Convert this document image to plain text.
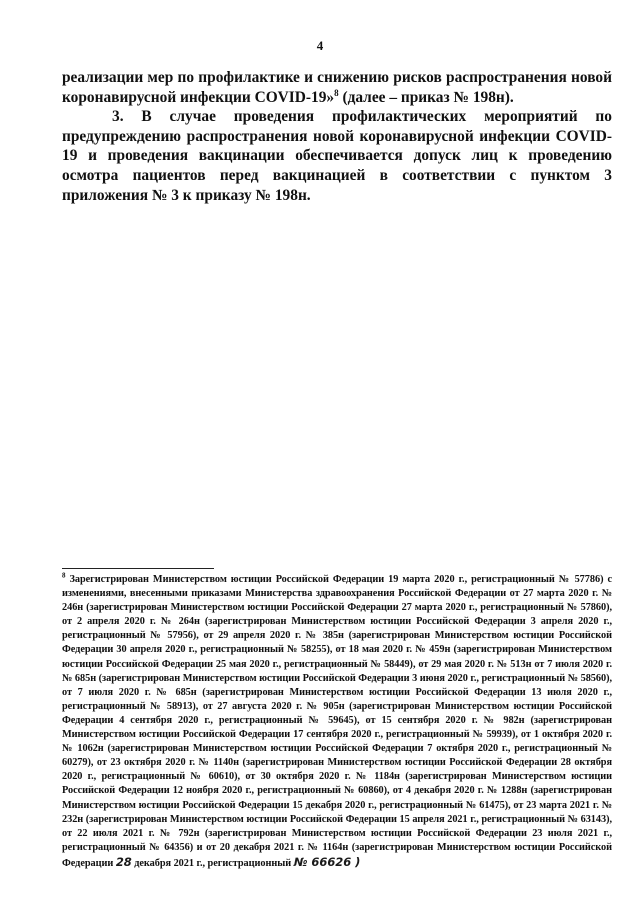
4

реализации мер по профилактике и снижению рисков распространения новой коронавирусной инфекции COVID-19»$^8$ (далее – приказ № 198н).

3. В случае проведения профилактических мероприятий по предупреждению распространения новой коронавирусной инфекции COVID-19 и проведения вакцинации обеспечивается допуск лиц к проведению осмотра пациентов перед вакцинацией в соответствии с пунктом 3 приложения № 3 к приказу № 198н.

$^8$ Зарегистрирован Министерством юстиции Российской Федерации 19 марта 2020 г., регистрационный № 57786) с изменениями, внесенными приказами Министерства здравоохранения Российской Федерации от 27 марта 2020 г. № 246н (зарегистрирован Министерством юстиции Российской Федерации 27 марта 2020 г., регистрационный № 57860), от 2 апреля 2020 г. № 264н (зарегистрирован Министерством юстиции Российской Федерации 3 апреля 2020 г., регистрационный № 57956), от 29 апреля 2020 г. № 385н (зарегистрирован Министерством юстиции Российской Федерации 30 апреля 2020 г., регистрационный № 58255), от 18 мая 2020 г. № 459н (зарегистрирован Министерством юстиции Российской Федерации 25 мая 2020 г., регистрационный № 58449), от 29 мая 2020 г. № 513н от 7 июля 2020 г. № 685н (зарегистрирован Министерством юстиции Российской Федерации 3 июня 2020 г., регистрационный № 58560), от 7 июля 2020 г. № 685н (зарегистрирован Министерством юстиции Российской Федерации 13 июля 2020 г., регистрационный № 58913), от 27 августа 2020 г. № 905н (зарегистрирован Министерством юстиции Российской Федерации 4 сентября 2020 г., регистрационный № 59645), от 15 сентября 2020 г. № 982н (зарегистрирован Министерством юстиции Российской Федерации 17 сентября 2020 г., регистрационный № 59939), от 1 октября 2020 г. № 1062н (зарегистрирован Министерством юстиции Российской Федерации 7 октября 2020 г., регистрационный № 60279), от 23 октября 2020 г. № 1140н (зарегистрирован Министерством юстиции Российской Федерации 28 октября 2020 г., регистрационный № 60610), от 30 октября 2020 г. № 1184н (зарегистрирован Министерством юстиции Российской Федерации 12 ноября 2020 г., регистрационный № 60860), от 4 декабря 2020 г. № 1288н (зарегистрирован Министерством юстиции Российской Федерации 15 декабря 2020 г., регистрационный № 61475), от 23 марта 2021 г. № 232н (зарегистрирован Министерством юстиции Российской Федерации 15 апреля 2021 г., регистрационный № 63143), от 22 июля 2021 г. № 792н (зарегистрирован Министерством юстиции Российской Федерации 23 июля 2021 г., регистрационный № 64356) и от 20 декабря 2021 г. № 1164н (зарегистрирован Министерством юстиции Российской Федерации 28 декабря 2021 г., регистрационный № 66626 )
